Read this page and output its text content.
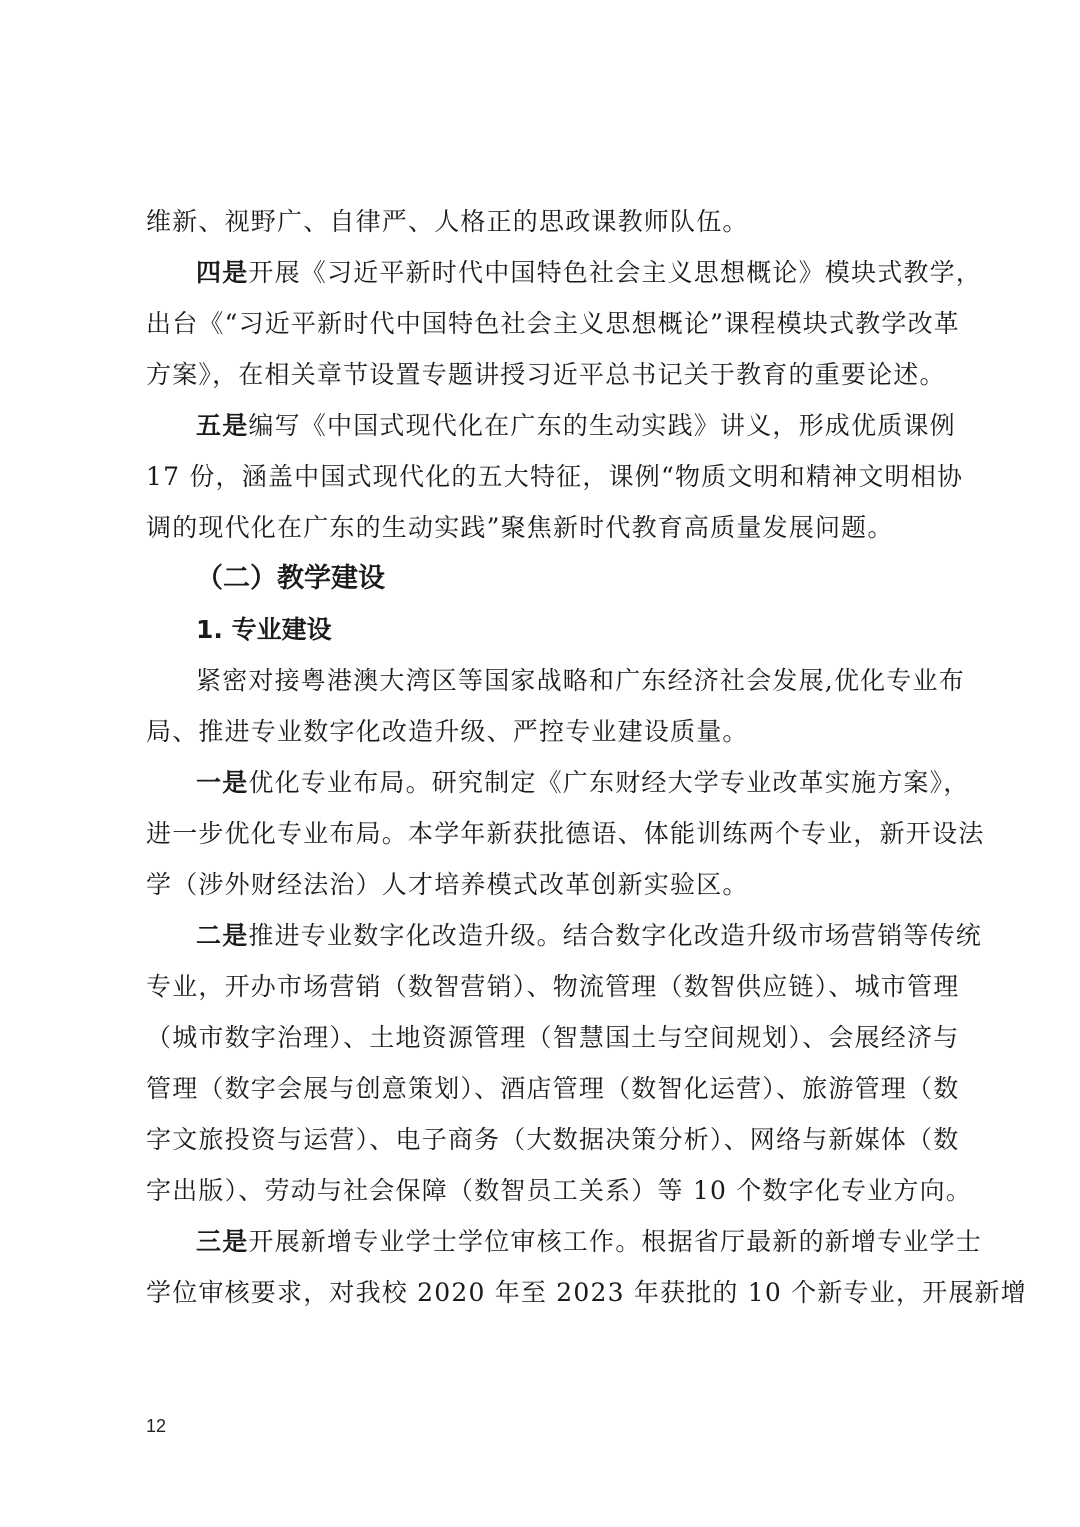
维新、视野广、自律严、人格正的思政课教师队伍。
四是开展《习近平新时代中国特色社会主义思想概论》模块式教学，
出台《“习近平新时代中国特色社会主义思想概论”课程模块式教学改革
方案》，在相关章节设置专题讲授习近平总书记关于教育的重要论述。
五是编写《中国式现代化在广东的生动实践》讲义，形成优质课例
17 份，涵盖中国式现代化的五大特征，课例“物质文明和精神文明相协
调的现代化在广东的生动实践”聚焦新时代教育高质量发展问题。
（二）教学建设
1. 专业建设
紧密对接粤港澳大湾区等国家战略和广东经济社会发展,优化专业布
局、推进专业数字化改造升级、严控专业建设质量。
一是优化专业布局。研究制定《广东财经大学专业改革实施方案》，
进一步优化专业布局。本学年新获批德语、体能训练两个专业，新开设法
学（涉外财经法治）人才培养模式改革创新实验区。
二是推进专业数字化改造升级。结合数字化改造升级市场营销等传统
专业，开办市场营销（数智营销）、物流管理（数智供应链）、城市管理
（城市数字治理）、土地资源管理（智慧国土与空间规划）、会展经济与
管理（数字会展与创意策划）、酒店管理（数智化运营）、旅游管理（数
字文旅投资与运营）、电子商务（大数据决策分析）、网络与新媒体（数
字出版）、劳动与社会保障（数智员工关系）等 10 个数字化专业方向。
三是开展新增专业学士学位审核工作。根据省厅最新的新增专业学士
学位审核要求，对我校 2020 年至 2023 年获批的 10 个新专业，开展新增
12
